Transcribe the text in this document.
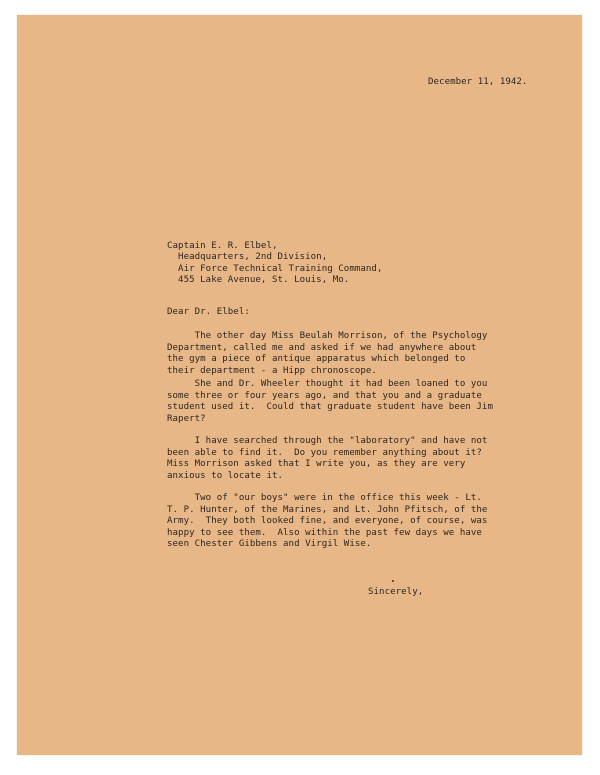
December 11, 1942.
Captain E. R. Elbel,
Headquarters, 2nd Division,
Air Force Technical Training Command,
455 Lake Avenue, St. Louis, Mo.
Dear Dr. Elbel:
The other day Miss Beulah Morrison, of the Psychology
Department, called me and asked if we had anywhere about
the gym a piece of antique apparatus which belonged to
their department - a Hipp chronoscope.
She and Dr. Wheeler thought it had been loaned to you
some three or four years ago, and that you and a graduate
student used it.  Could that graduate student have been Jim
Rapert?
I have searched through the "laboratory" and have not
been able to find it.  Do you remember anything about it?
Miss Morrison asked that I write you, as they are very
anxious to locate it.
Two of "our boys" were in the office this week - Lt.
T. P. Hunter, of the Marines, and Lt. John Pfitsch, of the
Army.  They both looked fine, and everyone, of course, was
happy to see them.  Also within the past few days we have
seen Chester Gibbens and Virgil Wise.
Sincerely,
